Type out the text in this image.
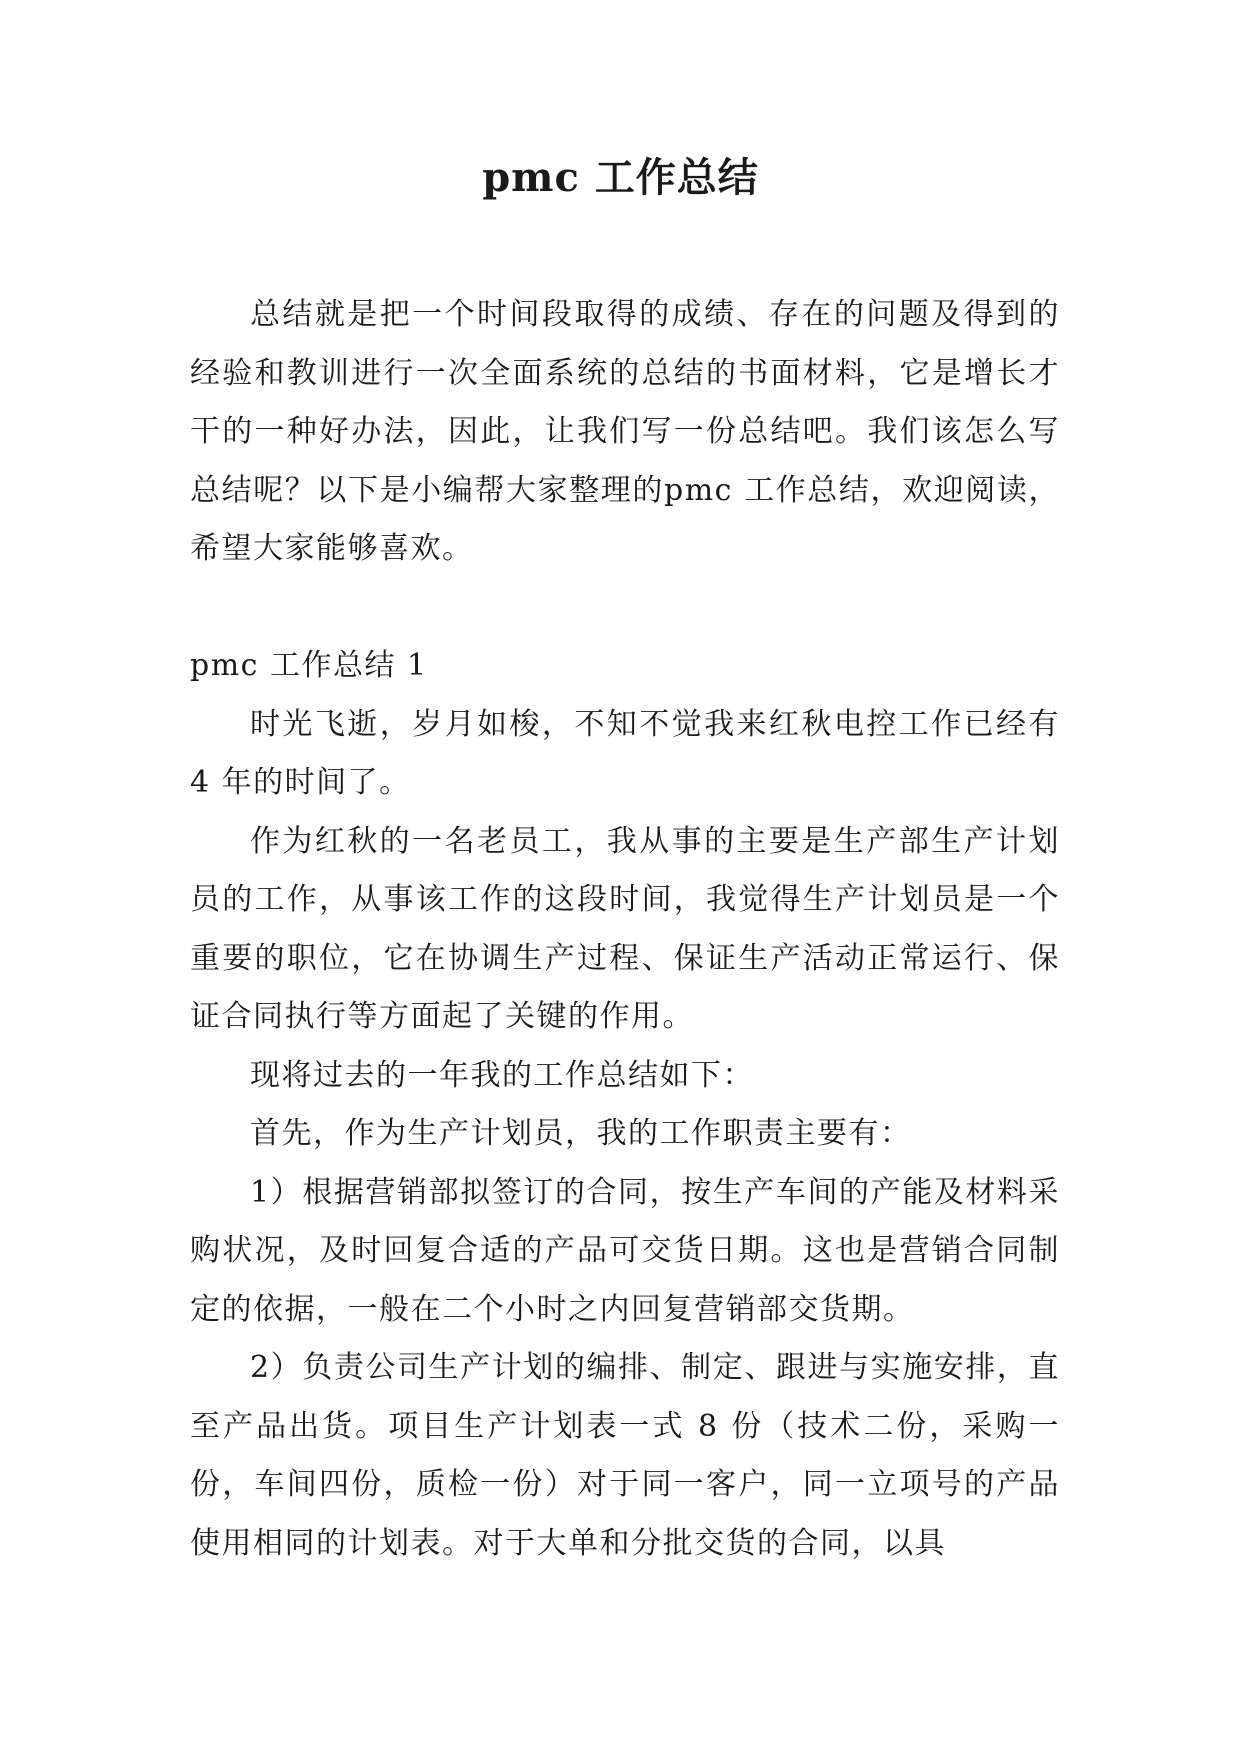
pmc 工作总结

总结就是把一个时间段取得的成绩、存在的问题及得到的经验和教训进行一次全面系统的总结的书面材料，它是增长才干的一种好办法，因此，让我们写一份总结吧。我们该怎么写总结呢？以下是小编帮大家整理的pmc 工作总结，欢迎阅读，希望大家能够喜欢。

pmc 工作总结 1

时光飞逝，岁月如梭，不知不觉我来红秋电控工作已经有 4 年的时间了。

作为红秋的一名老员工，我从事的主要是生产部生产计划员的工作，从事该工作的这段时间，我觉得生产计划员是一个重要的职位，它在协调生产过程、保证生产活动正常运行、保证合同执行等方面起了关键的作用。

现将过去的一年我的工作总结如下：

首先，作为生产计划员，我的工作职责主要有：

1）根据营销部拟签订的合同，按生产车间的产能及材料采购状况，及时回复合适的产品可交货日期。这也是营销合同制定的依据，一般在二个小时之内回复营销部交货期。

2）负责公司生产计划的编排、制定、跟进与实施安排，直至产品出货。项目生产计划表一式 8 份（技术二份，采购一份，车间四份，质检一份）对于同一客户，同一立项号的产品使用相同的计划表。对于大单和分批交货的合同，以具
